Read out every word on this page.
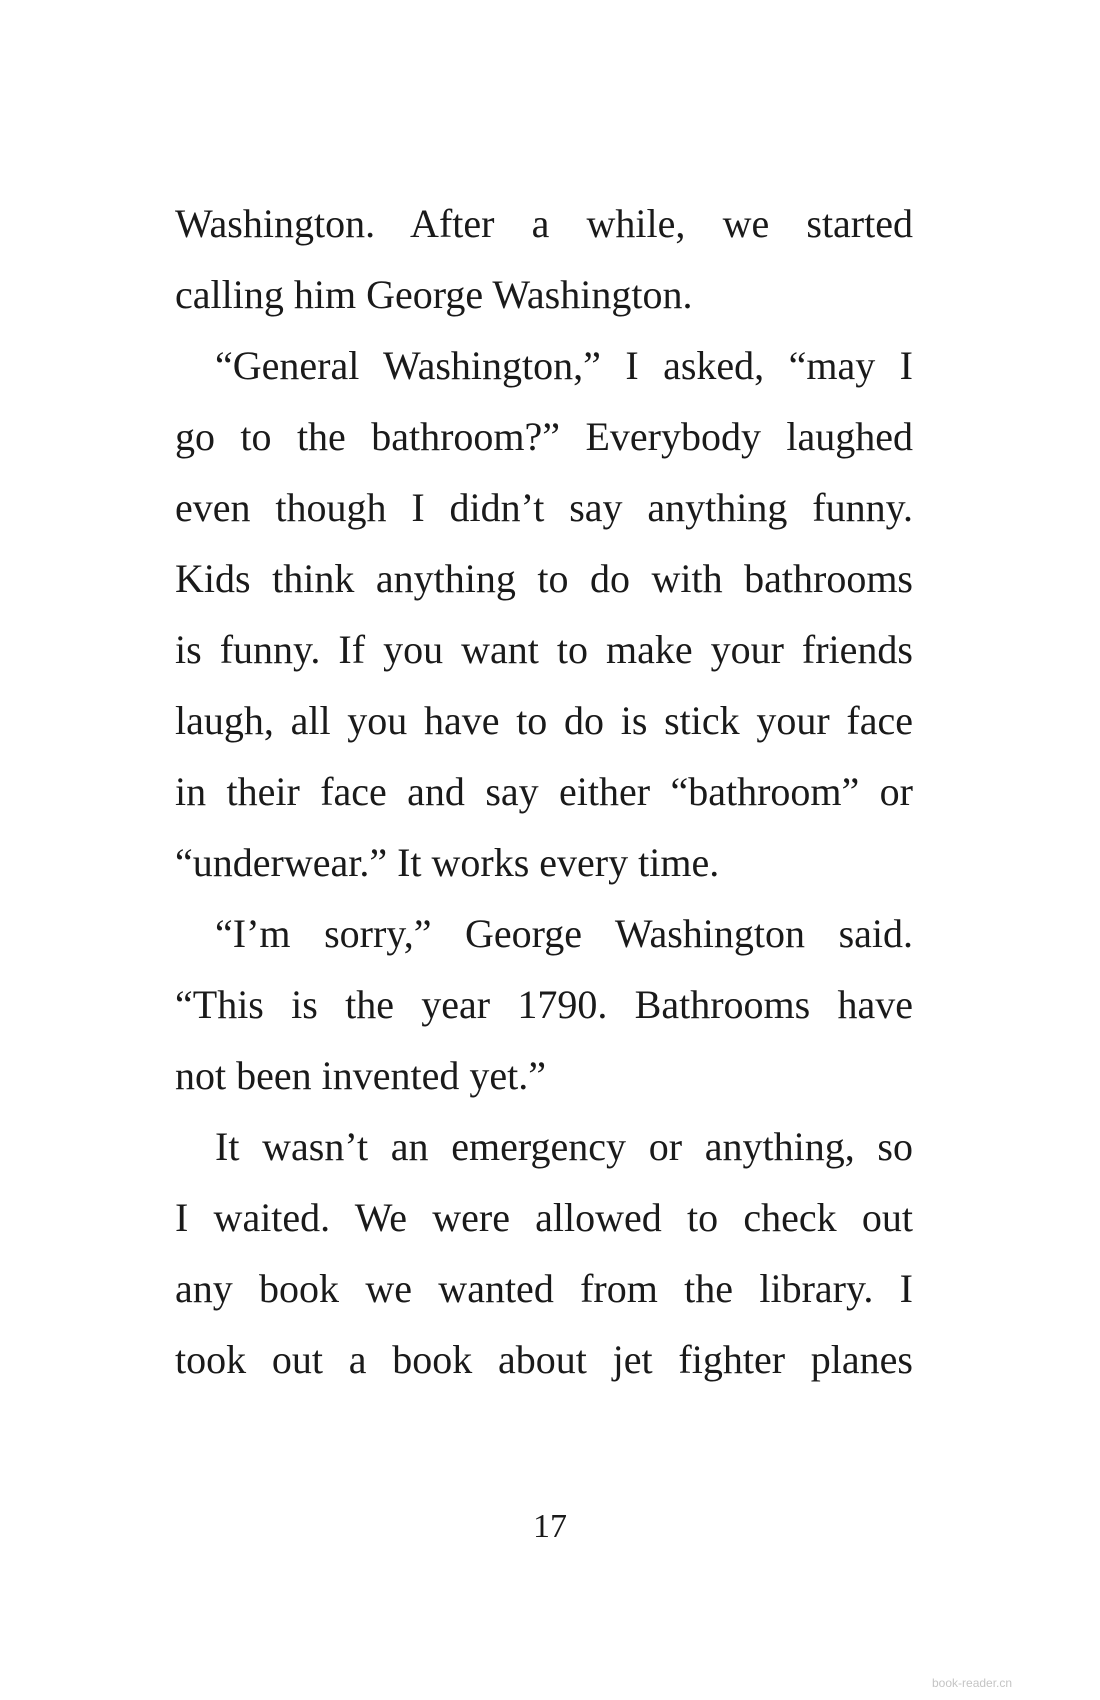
Washington. After a while, we started
calling him George Washington.
“General Washington,” I asked, “may I
go to the bathroom?” Everybody laughed
even though I didn’t say anything funny.
Kids think anything to do with bathrooms
is funny. If you want to make your friends
laugh, all you have to do is stick your face
in their face and say either “bathroom” or
“underwear.” It works every time.
“I’m sorry,” George Washington said.
“This is the year 1790. Bathrooms have
not been invented yet.”
It wasn’t an emergency or anything, so
I waited. We were allowed to check out
any book we wanted from the library. I
took out a book about jet fighter planes
17
book-reader.cn
